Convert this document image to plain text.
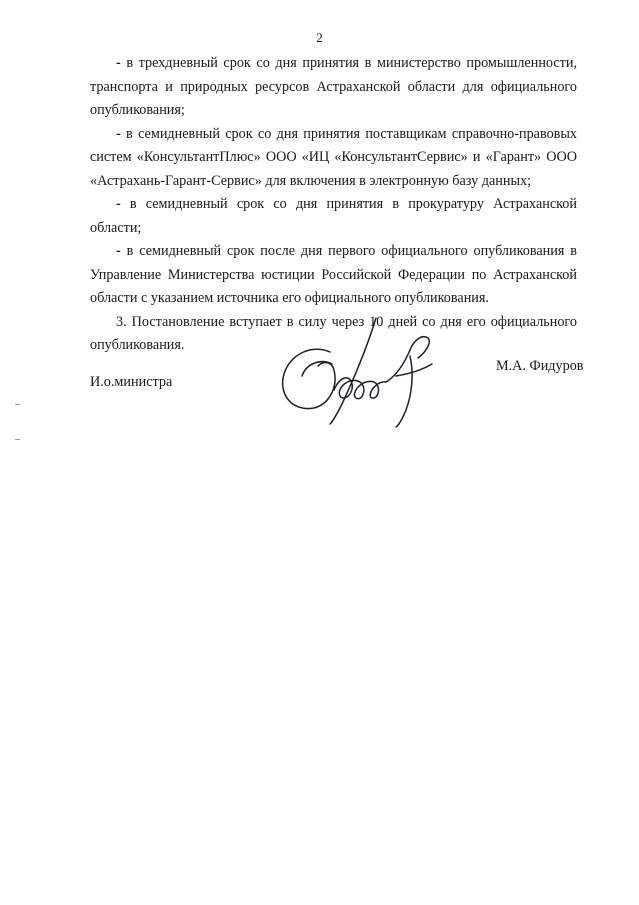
2

- в трехдневный срок со дня принятия в министерство промышленности, транспорта и природных ресурсов Астраханской области для официального опубликования;

- в семидневный срок со дня принятия поставщикам справочно-правовых систем «КонсультантПлюс» ООО «ИЦ «КонсультантСервис» и «Гарант» ООО «Астрахань-Гарант-Сервис» для включения в электронную базу данных;

- в семидневный срок со дня принятия в прокуратуру Астраханской области;

- в семидневный срок после дня первого официального опубликования в Управление Министерства юстиции Российской Федерации по Астраханской области с указанием источника его официального опубликования.

3. Постановление вступает в силу через 10 дней со дня его официального опубликования.

И.о.министра
М.А. Фидуров
